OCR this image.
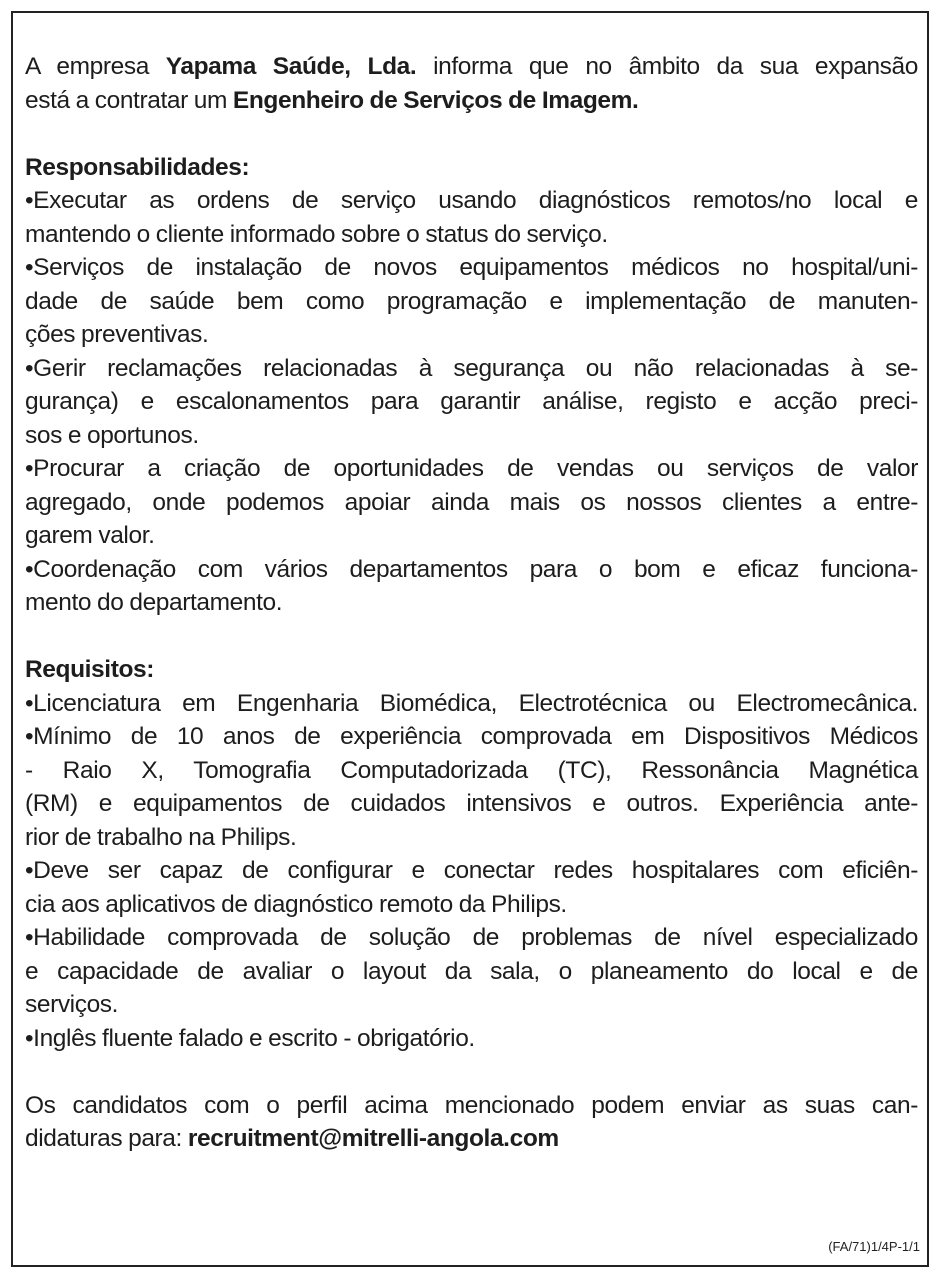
A empresa Yapama Saúde, Lda. informa que no âmbito da sua expansão
está a contratar um Engenheiro de Serviços de Imagem.
Responsabilidades:
•Executar as ordens de serviço usando diagnósticos remotos/no local e
mantendo o cliente informado sobre o status do serviço.
•Serviços de instalação de novos equipamentos médicos no hospital/uni-
dade de saúde bem como programação e implementação de manuten-
ções preventivas.
•Gerir reclamações relacionadas à segurança ou não relacionadas à se-
gurança) e escalonamentos para garantir análise, registo e acção preci-
sos e oportunos.
•Procurar a criação de oportunidades de vendas ou serviços de valor
agregado, onde podemos apoiar ainda mais os nossos clientes a entre-
garem valor.
•Coordenação com vários departamentos para o bom e eficaz funciona-
mento do departamento.
Requisitos:
•Licenciatura em Engenharia Biomédica, Electrotécnica ou Electromecânica.
•Mínimo de 10 anos de experiência comprovada em Dispositivos Médicos
- Raio X, Tomografia Computadorizada (TC), Ressonância Magnética
(RM) e equipamentos de cuidados intensivos e outros. Experiência ante-
rior de trabalho na Philips.
•Deve ser capaz de configurar e conectar redes hospitalares com eficiên-
cia aos aplicativos de diagnóstico remoto da Philips.
•Habilidade comprovada de solução de problemas de nível especializado
e capacidade de avaliar o layout da sala, o planeamento do local e de
serviços.
•Inglês fluente falado e escrito - obrigatório.
Os candidatos com o perfil acima mencionado podem enviar as suas can-
didaturas para: recruitment@mitrelli-angola.com
(FA/71)1/4P-1/1
